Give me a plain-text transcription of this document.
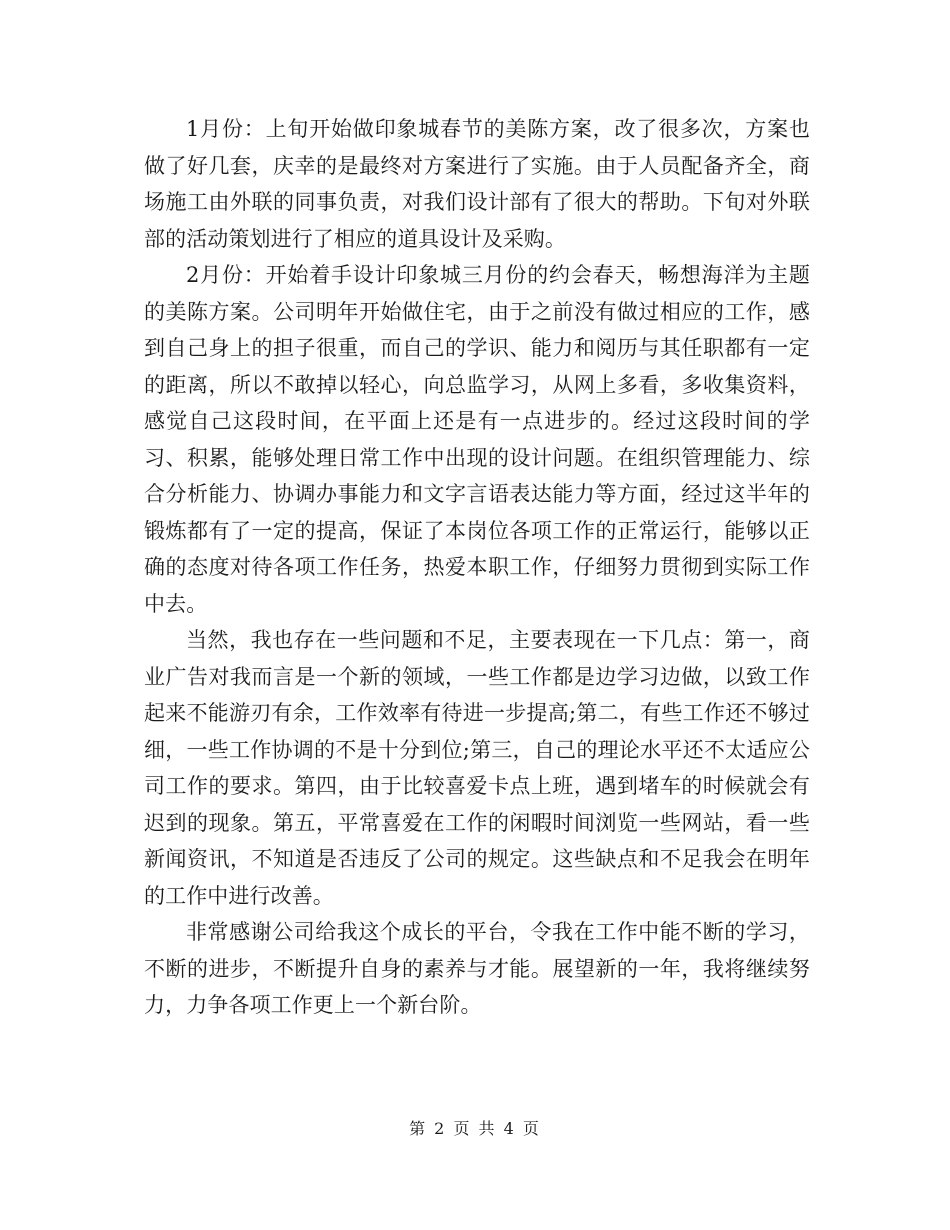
1月份：上旬开始做印象城春节的美陈方案，改了很多次，方案也做了好几套，庆幸的是最终对方案进行了实施。由于人员配备齐全，商场施工由外联的同事负责，对我们设计部有了很大的帮助。下旬对外联部的活动策划进行了相应的道具设计及采购。

2月份：开始着手设计印象城三月份的约会春天，畅想海洋为主题的美陈方案。公司明年开始做住宅，由于之前没有做过相应的工作，感到自己身上的担子很重，而自己的学识、能力和阅历与其任职都有一定的距离，所以不敢掉以轻心，向总监学习，从网上多看，多收集资料，感觉自己这段时间，在平面上还是有一点进步的。经过这段时间的学习、积累，能够处理日常工作中出现的设计问题。在组织管理能力、综合分析能力、协调办事能力和文字言语表达能力等方面，经过这半年的锻炼都有了一定的提高，保证了本岗位各项工作的正常运行，能够以正确的态度对待各项工作任务，热爱本职工作，仔细努力贯彻到实际工作中去。

当然，我也存在一些问题和不足，主要表现在一下几点：第一，商业广告对我而言是一个新的领域，一些工作都是边学习边做，以致工作起来不能游刃有余，工作效率有待进一步提高;第二，有些工作还不够过细，一些工作协调的不是十分到位;第三，自己的理论水平还不太适应公司工作的要求。第四，由于比较喜爱卡点上班，遇到堵车的时候就会有迟到的现象。第五，平常喜爱在工作的闲暇时间浏览一些网站，看一些新闻资讯，不知道是否违反了公司的规定。这些缺点和不足我会在明年的工作中进行改善。

非常感谢公司给我这个成长的平台，令我在工作中能不断的学习，不断的进步，不断提升自身的素养与才能。展望新的一年，我将继续努力，力争各项工作更上一个新台阶。

第 2 页 共 4 页
